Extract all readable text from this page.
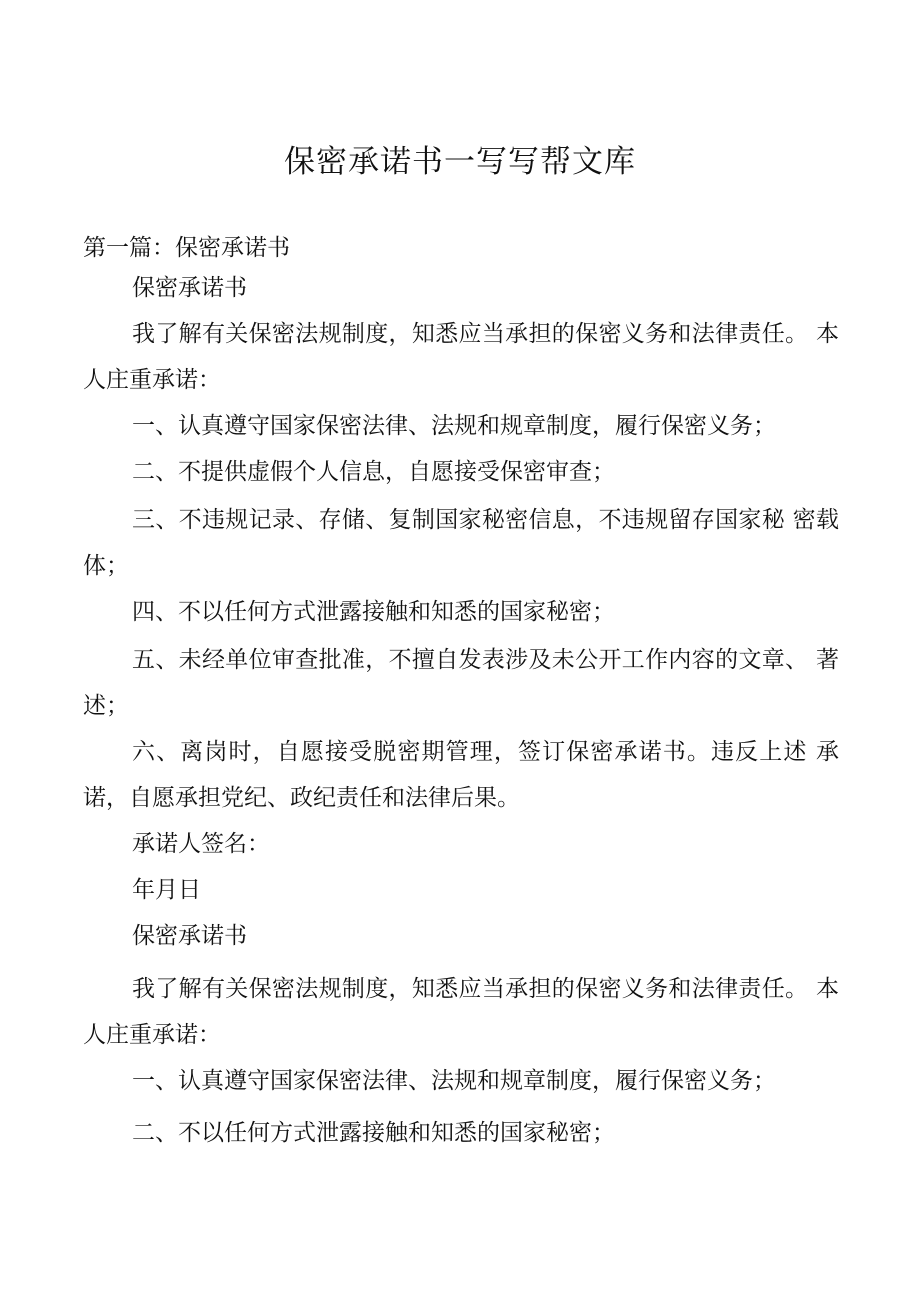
保密承诺书一写写帮文库

第一篇：保密承诺书

保密承诺书

我了解有关保密法规制度，知悉应当承担的保密义务和法律责任。 本人庄重承诺：

一、认真遵守国家保密法律、法规和规章制度，履行保密义务；

二、不提供虚假个人信息，自愿接受保密审查；

三、不违规记录、存储、复制国家秘密信息，不违规留存国家秘 密载体；

四、不以任何方式泄露接触和知悉的国家秘密；

五、未经单位审查批准，不擅自发表涉及未公开工作内容的文章、 著述；

六、离岗时，自愿接受脱密期管理，签订保密承诺书。违反上述 承诺，自愿承担党纪、政纪责任和法律后果。

承诺人签名：

年月日

保密承诺书

我了解有关保密法规制度，知悉应当承担的保密义务和法律责任。 本人庄重承诺：

一、认真遵守国家保密法律、法规和规章制度，履行保密义务；

二、不以任何方式泄露接触和知悉的国家秘密；
